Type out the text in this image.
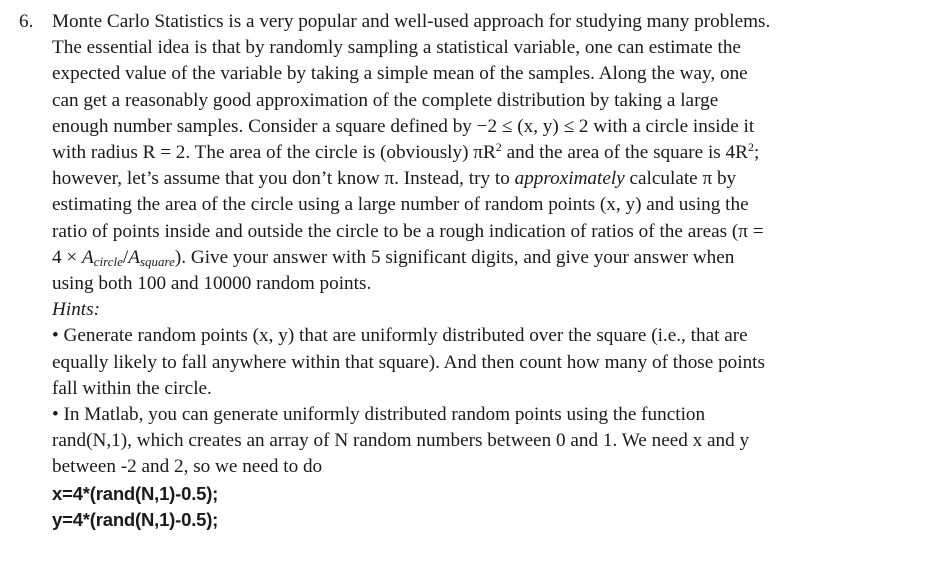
6. Monte Carlo Statistics is a very popular and well-used approach for studying many problems.
The essential idea is that by randomly sampling a statistical variable, one can estimate the
expected value of the variable by taking a simple mean of the samples. Along the way, one
can get a reasonably good approximation of the complete distribution by taking a large
enough number samples. Consider a square defined by −2 ≤ (x, y) ≤ 2 with a circle inside it
with radius R = 2. The area of the circle is (obviously) $\pi R^2$ and the area of the square is $4R^2$;
however, let’s assume that you don’t know π. Instead, try to approximately calculate π by
estimating the area of the circle using a large number of random points (x, y) and using the
ratio of points inside and outside the circle to be a rough indication of ratios of the areas (π =
$4 \times A_{circle}/A_{square}$). Give your answer with 5 significant digits, and give your answer when
using both 100 and 10000 random points.
Hints:
• Generate random points (x, y) that are uniformly distributed over the square (i.e., that are
equally likely to fall anywhere within that square). And then count how many of those points
fall within the circle.
• In Matlab, you can generate uniformly distributed random points using the function
rand(N,1), which creates an array of N random numbers between 0 and 1. We need x and y
between -2 and 2, so we need to do
x=4*(rand(N,1)-0.5);
y=4*(rand(N,1)-0.5);
